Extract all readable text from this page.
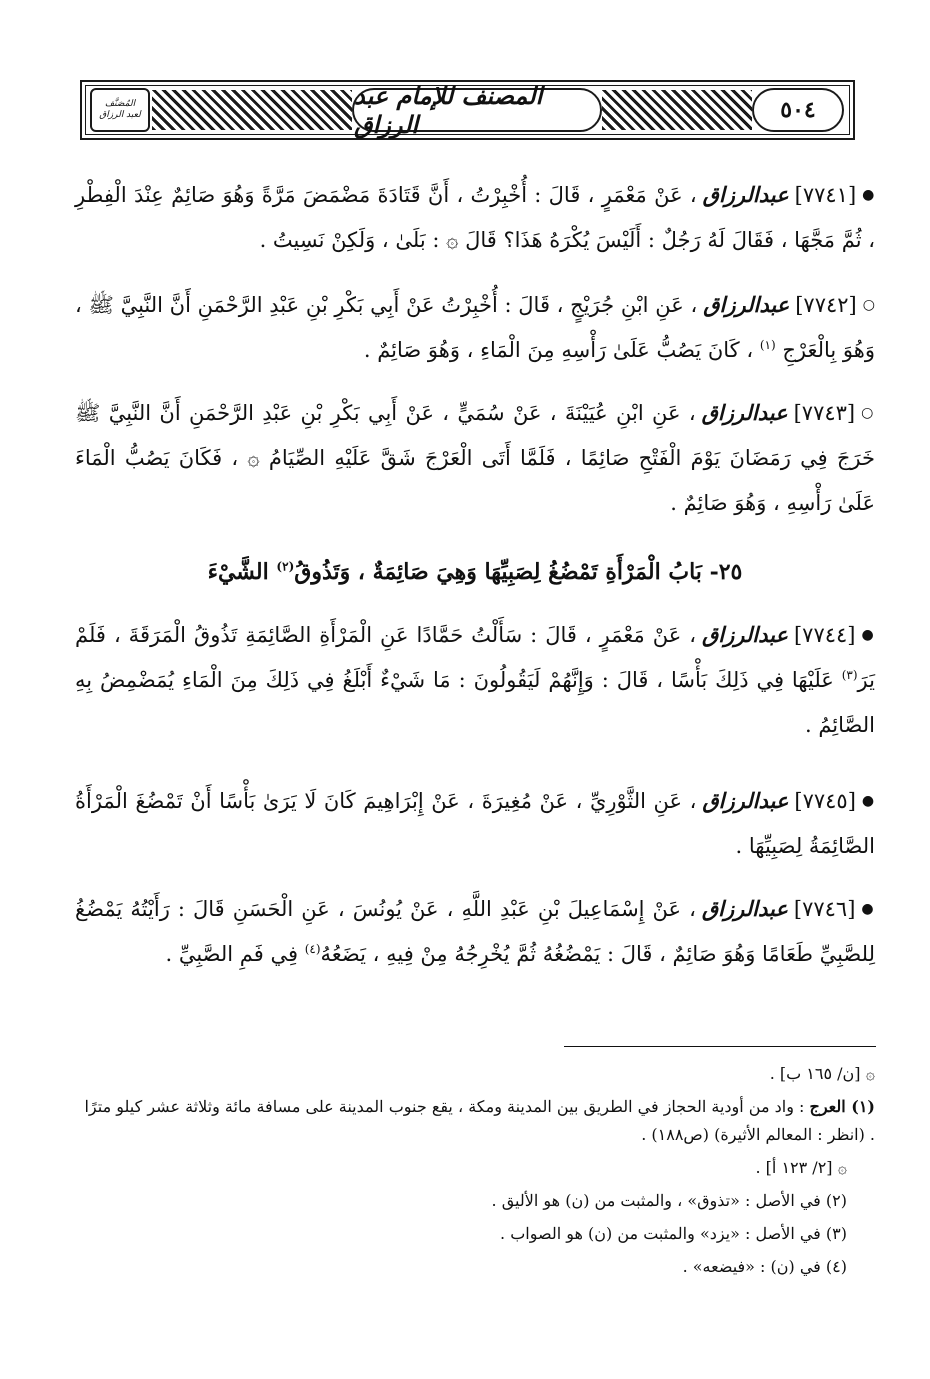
المُصَنَّف
لعبد الرزاق
المصنف للإمام عبد الرزاق	٥٠٤
●[٧٧٤١]عبدالرزاق، عَنْ مَعْمَرٍ ، قَالَ : أُخْبِرْتُ ، أَنَّ قَتَادَةَ مَضْمَضَ مَرَّةً وَهُوَ صَائِمٌ عِنْدَ الْفِطْرِ ، ثُمَّ مَجَّهَا ، فَقَالَ لَهُ رَجُلٌ : أَلَيْسَ يُكْرَهُ هَذَا؟ قَالَ ۞ : بَلَىٰ ، وَلَكِنْ نَسِيتُ .
○[٧٧٤٢]عبدالرزاق، عَنِ ابْنِ جُرَيْجٍ ، قَالَ : أُخْبِرْتُ عَنْ أَبِي بَكْرِ بْنِ عَبْدِ الرَّحْمَنِ أَنَّ النَّبِيَّ ﷺ ، وَهُوَ بِالْعَرْجِ $^{(١)}$ ، كَانَ يَصُبُّ عَلَىٰ رَأْسِهِ مِنَ الْمَاءِ ، وَهُوَ صَائِمٌ .
○[٧٧٤٣]عبدالرزاق، عَنِ ابْنِ عُيَيْنَةَ ، عَنْ سُمَيٍّ ، عَنْ أَبِي بَكْرِ بْنِ عَبْدِ الرَّحْمَنِ أَنَّ النَّبِيَّ ﷺ خَرَجَ فِي رَمَضَانَ يَوْمَ الْفَتْحِ صَائِمًا ، فَلَمَّا أَتَى الْعَرْجَ شَقَّ عَلَيْهِ الصِّيَامُ ۞ ، فَكَانَ يَصُبُّ الْمَاءَ عَلَىٰ رَأْسِهِ ، وَهُوَ صَائِمٌ .
٢٥- بَابُ الْمَرْأَةِ تَمْضُغُ لِصَبِيِّهَا وَهِيَ صَائِمَةٌ ، وَتَذُوقُ$^{(٢)}$ الشَّيْءَ
●[٧٧٤٤]عبدالرزاق، عَنْ مَعْمَرٍ ، قَالَ : سَأَلْتُ حَمَّادًا عَنِ الْمَرْأَةِ الصَّائِمَةِ تَذُوقُ الْمَرَقَةَ ، فَلَمْ يَرَ$^{(٣)}$ عَلَيْهَا فِي ذَلِكَ بَأْسًا ، قَالَ : وَإِنَّهُمْ لَيَقُولُونَ : مَا شَيْءٌ أَبْلَغُ فِي ذَلِكَ مِنَ الْمَاءِ يُمَضْمِضُ بِهِ الصَّائِمُ .
●[٧٧٤٥]عبدالرزاق، عَنِ الثَّوْرِيِّ ، عَنْ مُغِيرَةَ ، عَنْ إِبْرَاهِيمَ كَانَ لَا يَرَىٰ بَأْسًا أَنْ تَمْضُغَ الْمَرْأَةُ الصَّائِمَةُ لِصَبِيِّهَا .
●[٧٧٤٦]عبدالرزاق، عَنْ إِسْمَاعِيلَ بْنِ عَبْدِ اللَّهِ ، عَنْ يُونُسَ ، عَنِ الْحَسَنِ قَالَ : رَأَيْتُهُ يَمْضُغُ لِلصَّبِيِّ طَعَامًا وَهُوَ صَائِمٌ ، قَالَ : يَمْضُغُهُ ثُمَّ يُخْرِجُهُ مِنْ فِيهِ ، يَضَعُهُ$^{(٤)}$ فِي فَمِ الصَّبِيِّ .
۞ [ن/ ١٦٥ ب] .
(١) العرج : واد من أودية الحجاز في الطريق بين المدينة ومكة ، يقع جنوب المدينة على مسافة مائة وثلاثة عشر كيلو مترًا . (انظر : المعالم الأثيرة) (ص١٨٨) .
۞ [٢/ ١٢٣ أ] .
(٢) في الأصل : «تذوق» ، والمثبت من (ن) هو الأليق .
(٣) في الأصل : «يزد» والمثبت من (ن) هو الصواب .
(٤) في (ن) : «فيضعه» .
